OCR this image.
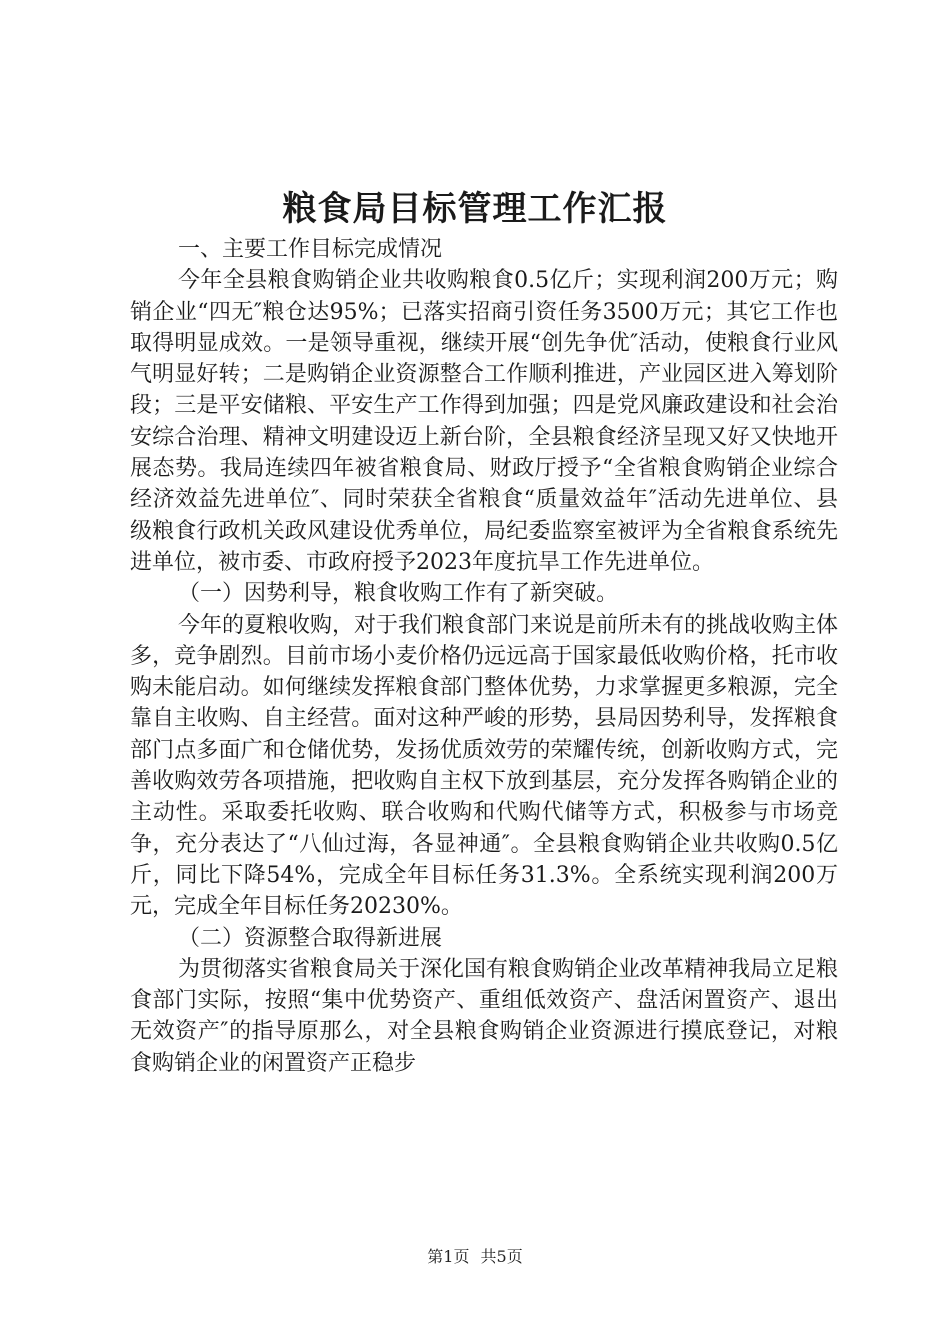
粮食局目标管理工作汇报

一、主要工作目标完成情况

今年全县粮食购销企业共收购粮食0.5亿斤；实现利润200万元；购销企业“四无″粮仓达95%；已落实招商引资任务3500万元；其它工作也取得明显成效。一是领导重视，继续开展“创先争优″活动，使粮食行业风气明显好转；二是购销企业资源整合工作顺利推进，产业园区进入筹划阶段；三是平安储粮、平安生产工作得到加强；四是党风廉政建设和社会治安综合治理、精神文明建设迈上新台阶，全县粮食经济呈现又好又快地开展态势。我局连续四年被省粮食局、财政厅授予“全省粮食购销企业综合经济效益先进单位″、同时荣获全省粮食“质量效益年″活动先进单位、县级粮食行政机关政风建设优秀单位，局纪委监察室被评为全省粮食系统先进单位，被市委、市政府授予2023年度抗旱工作先进单位。

（一）因势利导，粮食收购工作有了新突破。

今年的夏粮收购，对于我们粮食部门来说是前所未有的挑战收购主体多，竞争剧烈。目前市场小麦价格仍远远高于国家最低收购价格，托市收购未能启动。如何继续发挥粮食部门整体优势，力求掌握更多粮源，完全靠自主收购、自主经营。面对这种严峻的形势，县局因势利导，发挥粮食部门点多面广和仓储优势，发扬优质效劳的荣耀传统，创新收购方式，完善收购效劳各项措施，把收购自主权下放到基层，充分发挥各购销企业的主动性。采取委托收购、联合收购和代购代储等方式，积极参与市场竞争，充分表达了“八仙过海，各显神通″。全县粮食购销企业共收购0.5亿斤，同比下降54%，完成全年目标任务31.3%。全系统实现利润200万元，完成全年目标任务20230%。

（二）资源整合取得新进展

为贯彻落实省粮食局关于深化国有粮食购销企业改革精神我局立足粮食部门实际，按照“集中优势资产、重组低效资产、盘活闲置资产、退出无效资产″的指导原那么，对全县粮食购销企业资源进行摸底登记，对粮食购销企业的闲置资产正稳步

第1页 共5页
